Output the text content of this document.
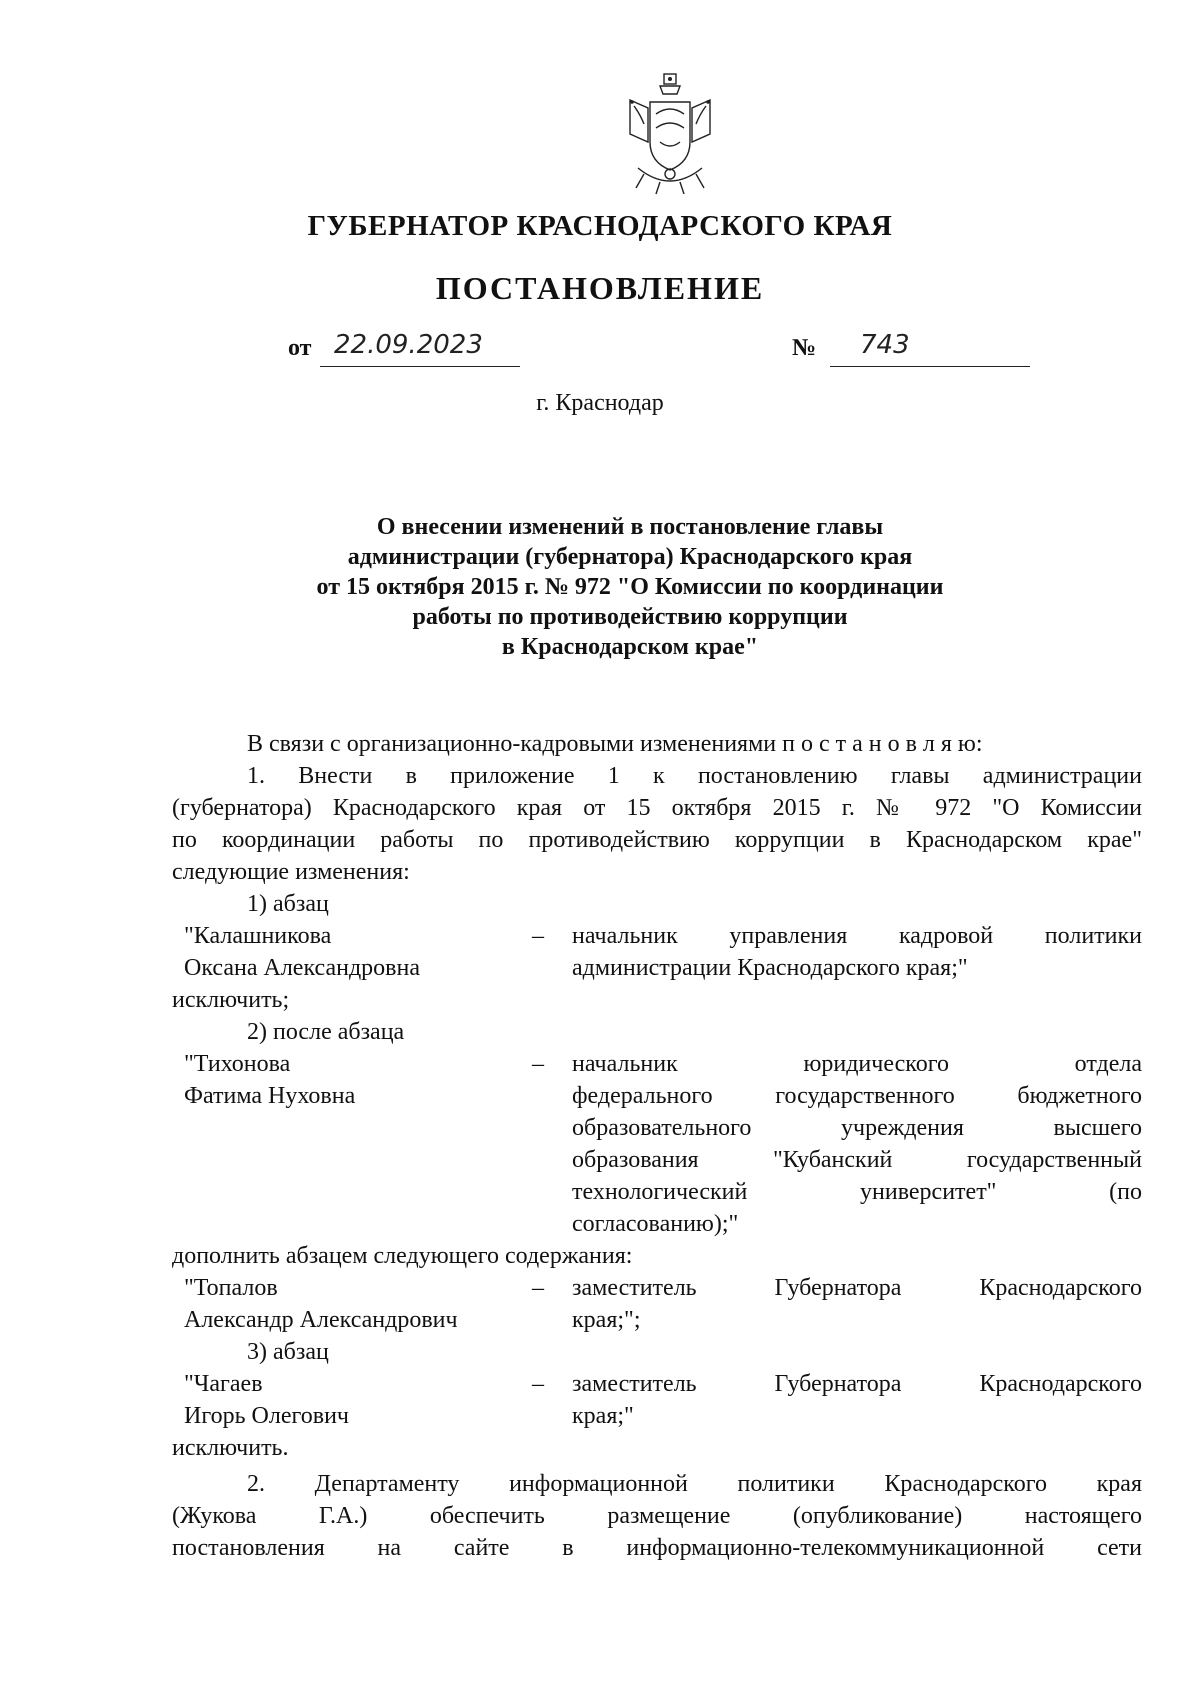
ГУБЕРНАТОР КРАСНОДАРСКОГО КРАЯ
ПОСТАНОВЛЕНИЕ
от 22.09.2023	№ 743
г. Краснодар
О внесении изменений в постановление главы
администрации (губернатора) Краснодарского края
от 15 октября 2015 г. № 972 "О Комиссии по координации
работы по противодействию коррупции
в Краснодарском крае"

В связи с организационно-кадровыми изменениями п о с т а н о в л я ю:

1. Внести в приложение 1 к постановлению главы администрации
(губернатора) Краснодарского края от 15 октября 2015 г. № 972 "О Комиссии
по координации работы по противодействию коррупции в Краснодарском крае"
следующие изменения:
1) абзац
"Калашникова
Оксана Александровна
–	начальник управления кадровой политики
администрации Краснодарского края;"
исключить;
2) после абзаца
"Тихонова
Фатима Нуховна
–	начальник юридического отдела
федерального государственного бюджетного
образовательного учреждения высшего
образования "Кубанский государственный
технологический университет" (по
согласованию);"
дополнить абзацем следующего содержания:
"Топалов
Александр Александрович
–	заместитель Губернатора Краснодарского
края;";
3) абзац
"Чагаев
Игорь Олегович
–	заместитель Губернатора Краснодарского
края;"
исключить.
2. Департаменту информационной политики Краснодарского края
(Жукова Г.А.) обеспечить размещение (опубликование) настоящего
постановления на сайте в информационно-телекоммуникационной сети
